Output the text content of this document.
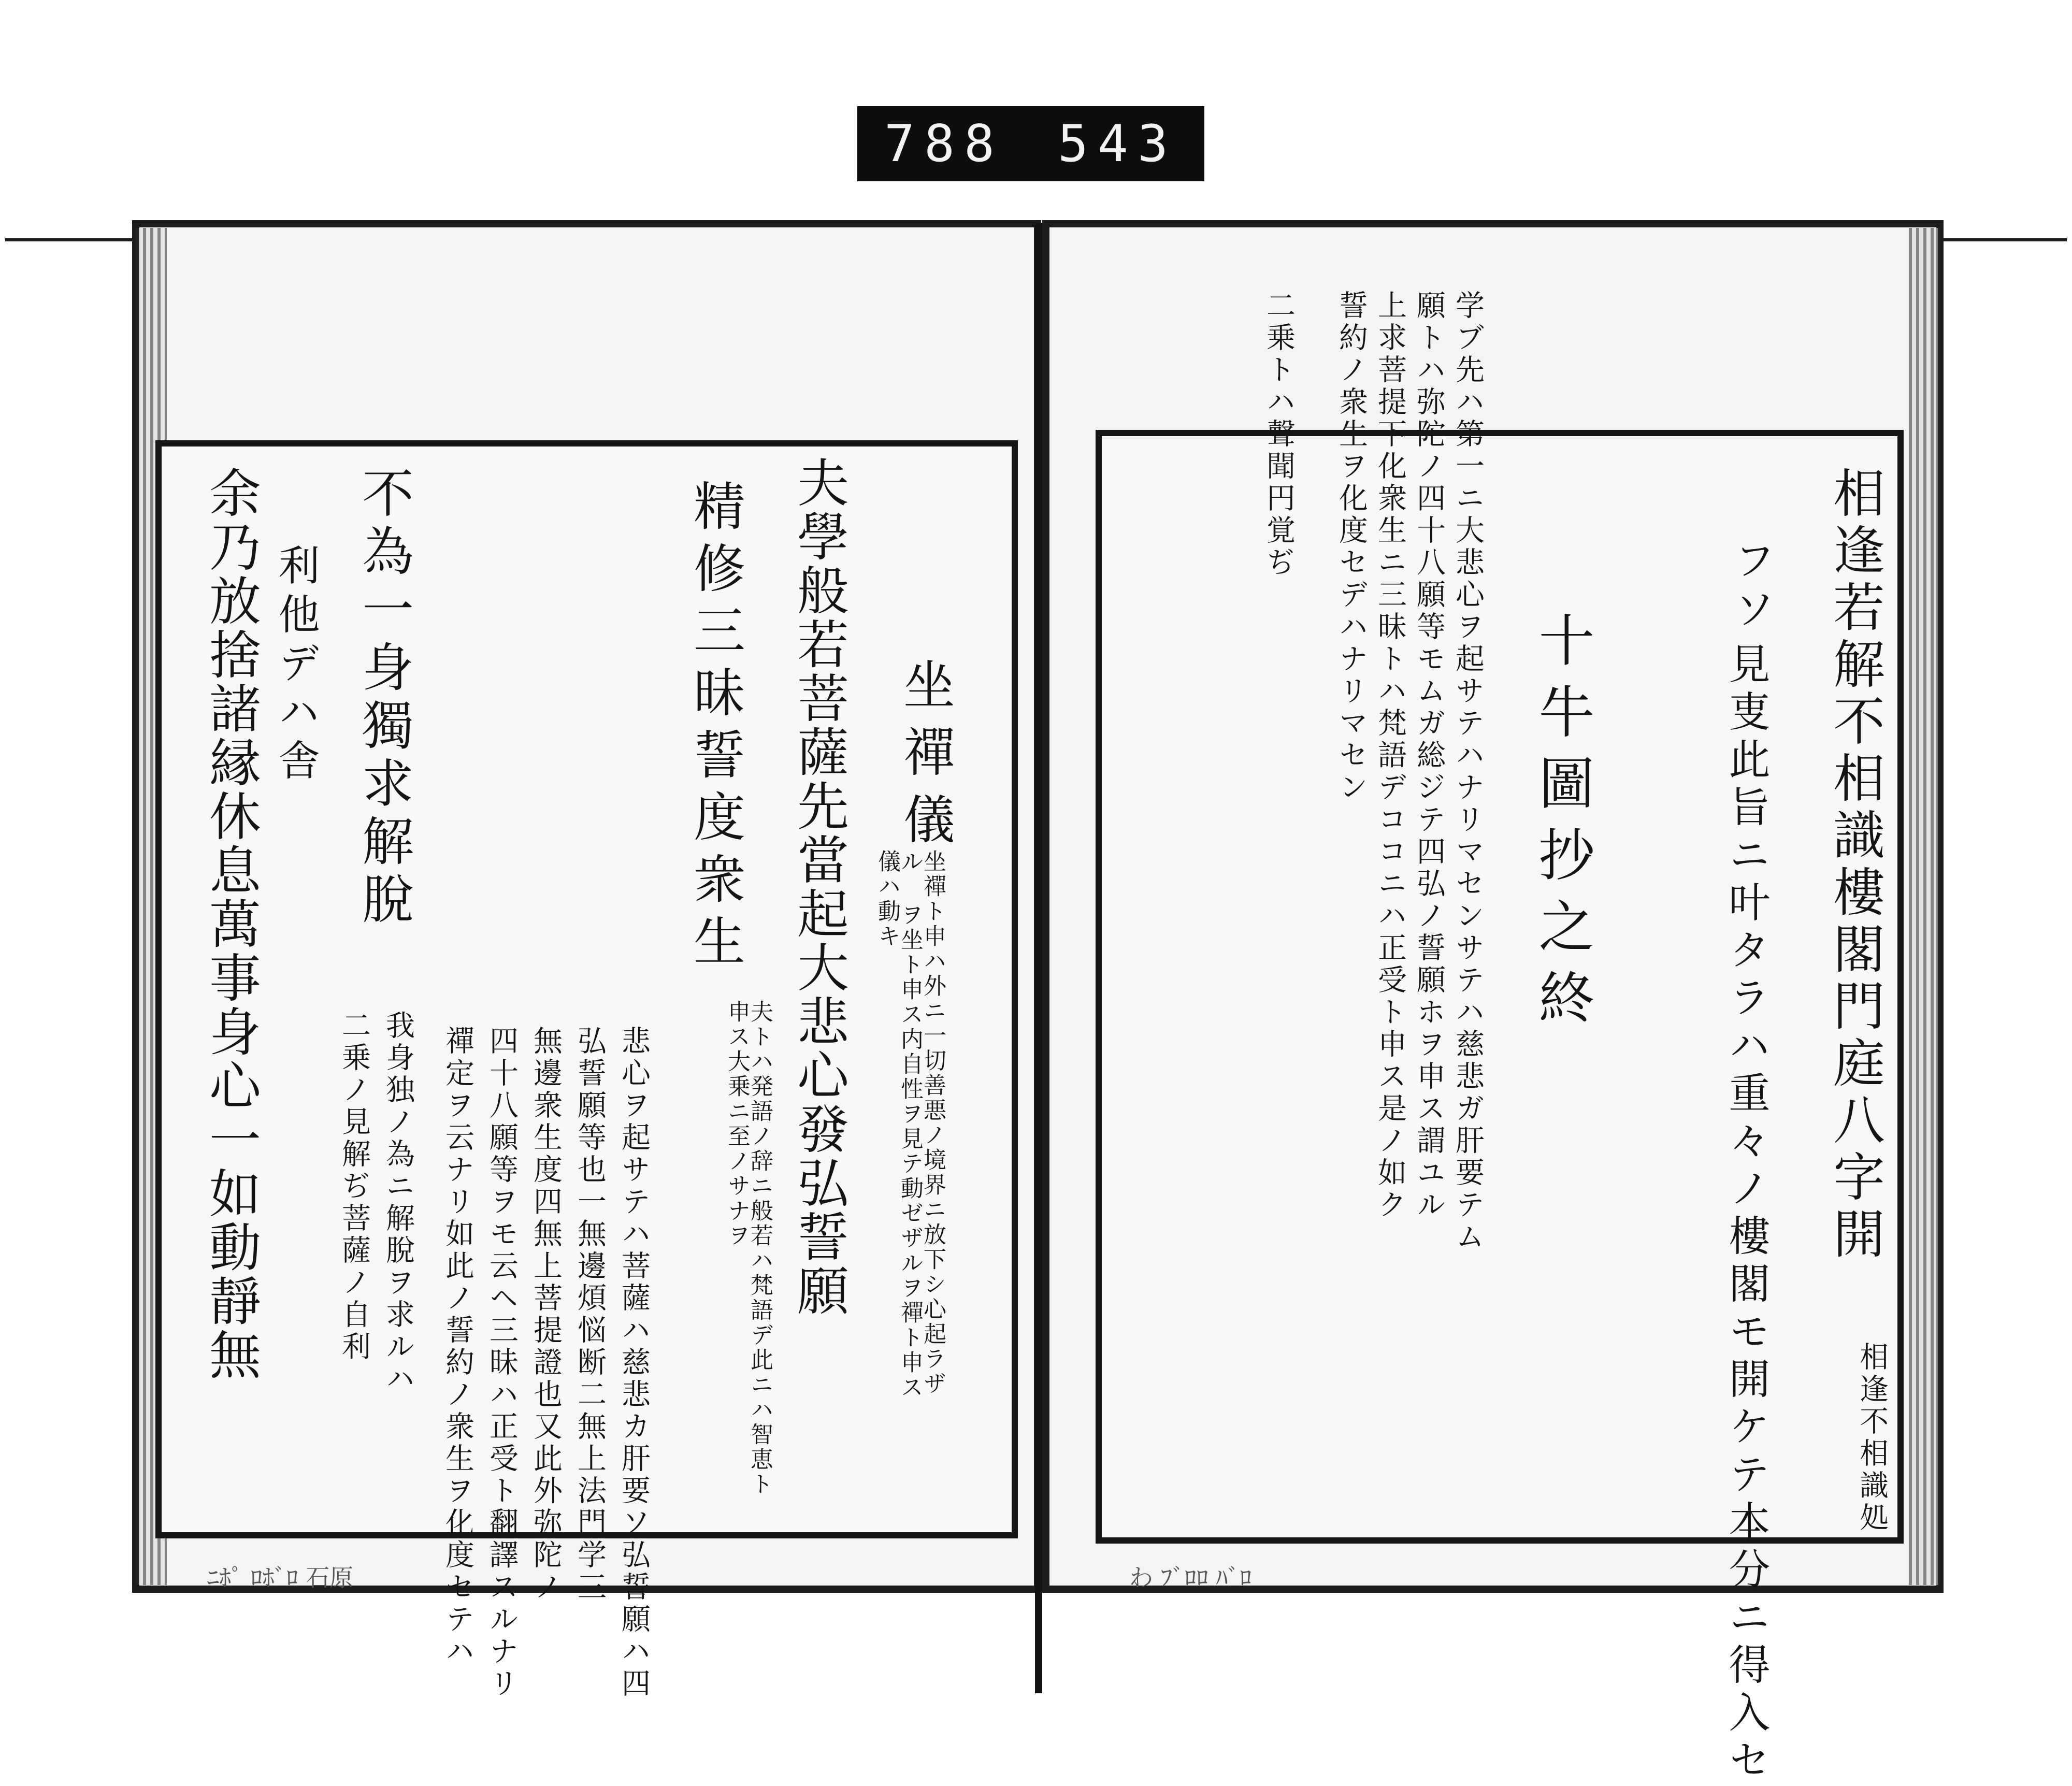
788 543
相逢若解不相識樓閣門庭八字開
相逢不相識処
フソ
見叓此旨ニ叶タラハ重々ノ樓閣モ開ケテ本分ニ得入セ
十牛圖抄之終
学ブ先ハ第一ニ大悲心ヲ起サテハナリマセンサテハ慈悲ガ肝要テム
願トハ弥陀ノ四十八願等モムガ総ジテ四弘ノ誓願ホヲ申ス謂ユル
上求菩提下化衆生ニ三昧トハ梵語デココニハ正受ト申ス是ノ如ク
誓約ノ衆生ヲ化度セデハナリマセン
二乗トハ聲聞円覚ぢ
坐禪儀
坐禪ト申ハ外ニ一切善悪ノ境界ニ放下シ心起ラザル ヲ坐ト申ス内自性ヲ見テ動ゼザルヲ禪ト申ス 儀ハ動キ
夫學般若菩薩先當起大悲心發弘誓願
夫トハ発語ノ辞ニ般若ハ梵語デ此ニハ智恵ト申ス大乗ニ至ノサナヲ
精修三昧誓度衆生
悲心ヲ起サテハ菩薩ハ慈悲カ肝要ソ弘誓願ハ四
弘誓願等也一無邊煩悩断二無上法門学三
無邊衆生度四無上菩提證也又此外弥陀ノ
四十八願等ヲモ云ヘ三昧ハ正受ト翻譯スルナリ
禪定ヲ云ナリ如此ノ誓約ノ衆生ヲ化度セテハ
不為一身獨求解脫
我身独ノ為ニ解脫ヲ求ルハ
二乗ノ見解ぢ菩薩ノ自利
利他デハ舎
余乃放捨諸縁休息萬事身心一如動靜無
ﾆﾎﾟ ﾛﾎﾞﾛ 石原	わ ﾌﾞﾛﾛ ﾊﾞﾛ
